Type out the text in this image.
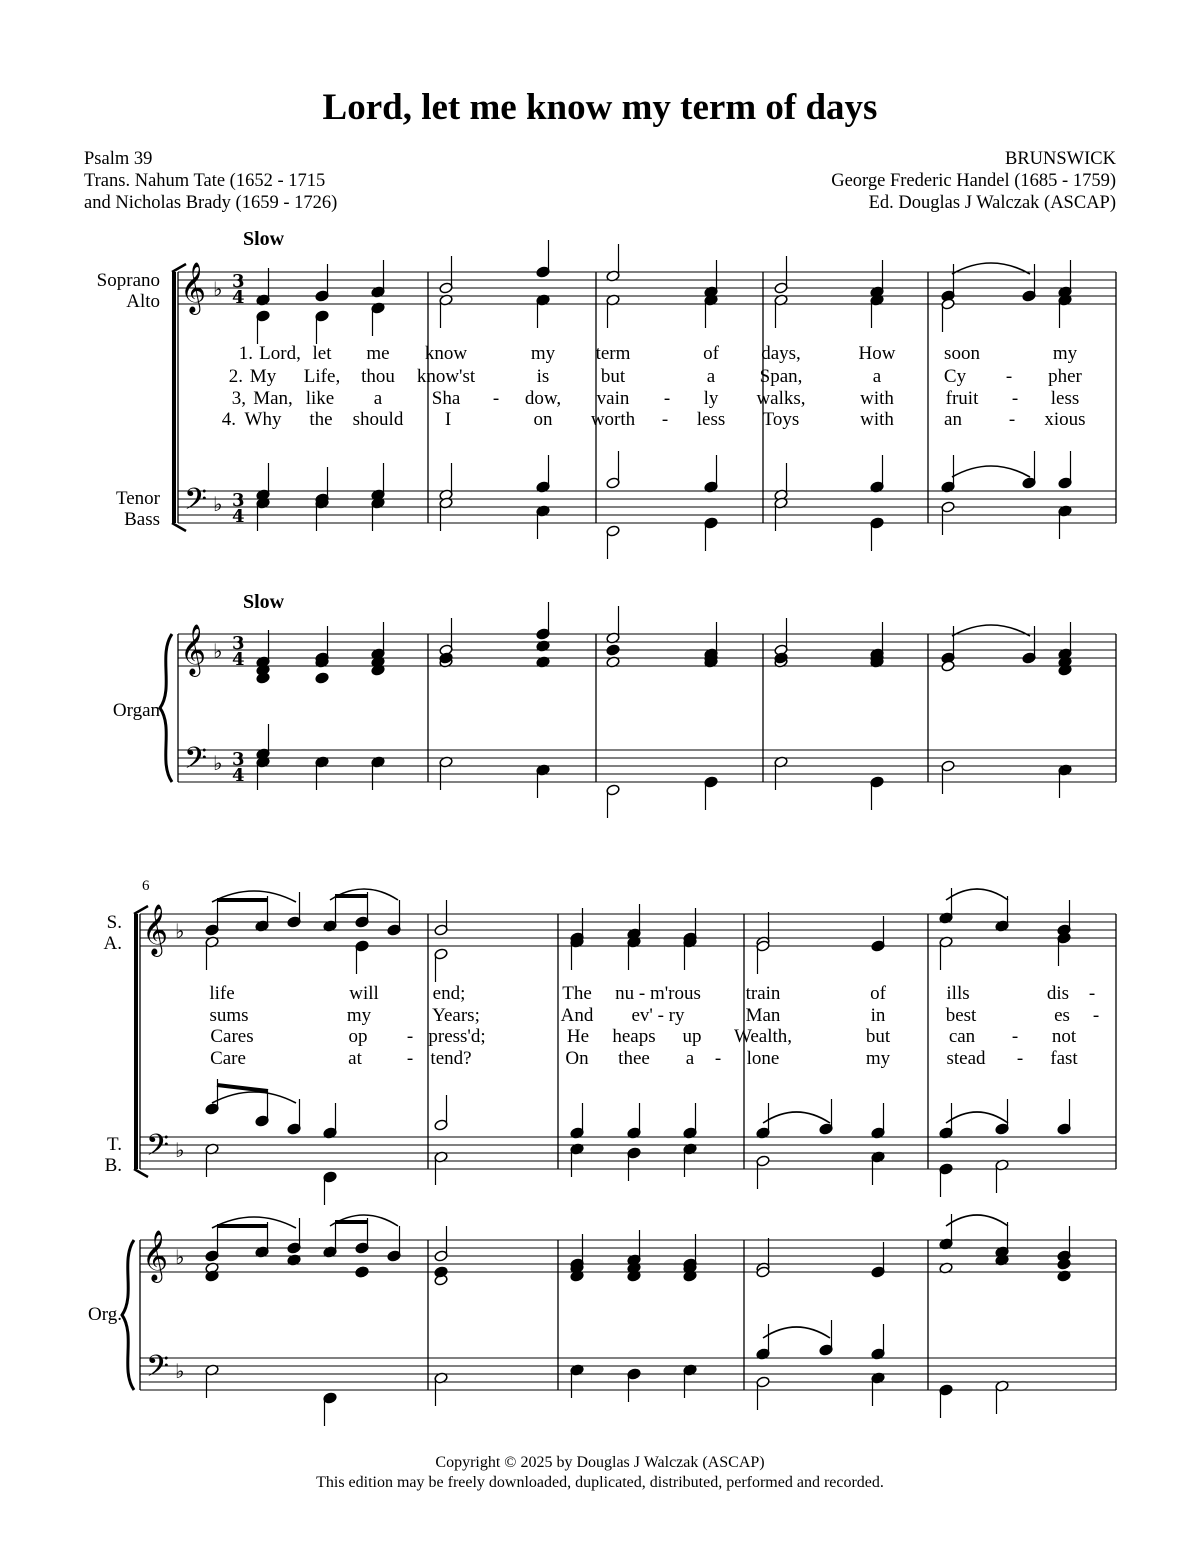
Lord, let me know my term of days
Psalm 39
Trans. Nahum Tate (1652 - 1715
and Nicholas Brady (1659 - 1726)
BRUNSWICK
George Frederic Handel (1685 - 1759)
Ed. Douglas J Walczak (ASCAP)
Slow
Slow
Soprano
Alto
Tenor
Bass
Organ
6
S.
A.
T.
B.
Org.
1. Lord, let me know	my term	of days,	How	soon	my
2. My Life, thou know'st	is	but	a Span,	a	Cy - pher
3, Man, like a	Sha - dow, vain - ly walks,	with	fruit - less
4. Why the should I	on worth - less Toys	with	an - xious
life	will	end;	The nu - m'rous train	of	ills	dis -
sums	my	Years;	And ev' - ry	Man	in	best	es -
Cares	op - press'd;	He heaps up Wealth,	but	can - not
Care	at - tend?	On thee a - lone	my	stead - fast
𝄞
𝄢
𝄞
𝄢
♭
♭
♭
♭
3
4
3
4
3
4
3
4
𝄞
𝄢
𝄞
𝄢
♭
♭
♭
♭
Copyright © 2025 by Douglas J Walczak (ASCAP)
This edition may be freely downloaded, duplicated, distributed, performed and recorded.
